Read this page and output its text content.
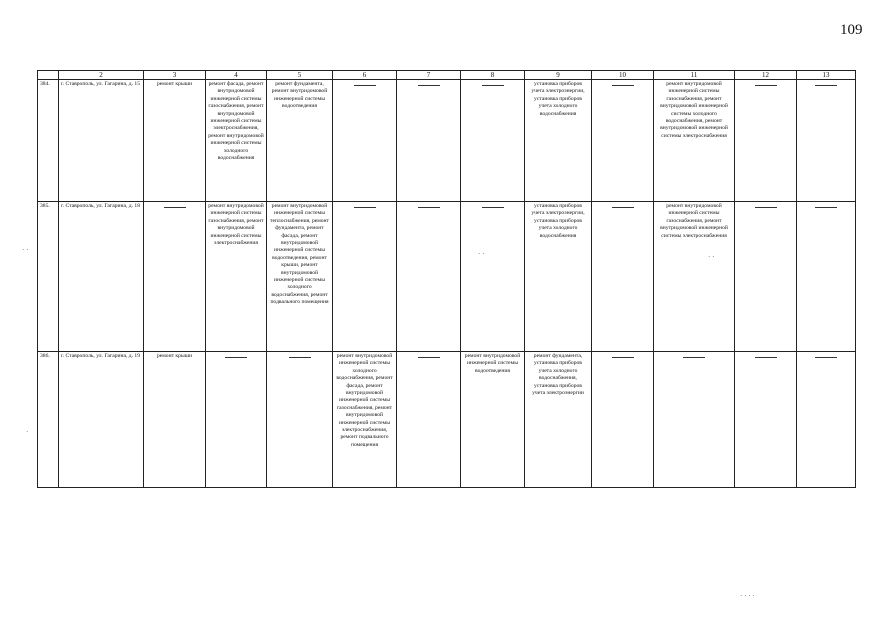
109
	2	3	4	5	6	7	8	9	10	11	12	13
384.	г. Ставрополь, ул. Гагарина, д. 15	ремонт крыши	ремонт фасада, ремонт внутридомовой инженерной системы газоснабжения, ремонт внутридомовой инженерной системы электроснабжения, ремонт внутридомовой инженерной системы холодного водоснабжения	ремонт фундамента, ремонт внутридомовой инженерной системы водоотведения				установка приборов учета электроэнергии, установка приборов учета холодного водоснабжения		ремонт внутридомовой инженерной системы газоснабжения, ремонт внутридомовой инженерной системы холодного водоснабжения, ремонт внутридомовой инженерной системы электроснабжения		
385.	г. Ставрополь, ул. Гагарина, д. 18		ремонт внутридомовой инженерной системы газоснабжения, ремонт внутридомовой инженерной системы электроснабжения	ремонт внутридомовой инженерной системы теплоснабжения, ремонт фундамента, ремонт фасада, ремонт внутридомовой инженерной системы водоотведения, ремонт крыши, ремонт внутридомовой инженерной системы холодного водоснабжения, ремонт подвального помещения				установка приборов учета электроэнергии, установка приборов учета холодного водоснабжения		ремонт внутридомовой инженерной системы газоснабжения, ремонт внутридомовой инженерной системы электроснабжения		
386.	г. Ставрополь, ул. Гагарина, д. 19	ремонт крыши			ремонт внутридомовой инженерной системы холодного водоснабжения, ремонт фасада, ремонт внутридомовой инженерной системы газоснабжения, ремонт внутридомовой инженерной системы электроснабжения, ремонт подвального помещения		ремонт внутридомовой инженерной системы водоотведения	ремонт фундамента, установка приборов учета холодного водоснабжения, установка приборов учета электроэнергии				
· ·
·
· ·	· ·
· · · ·
